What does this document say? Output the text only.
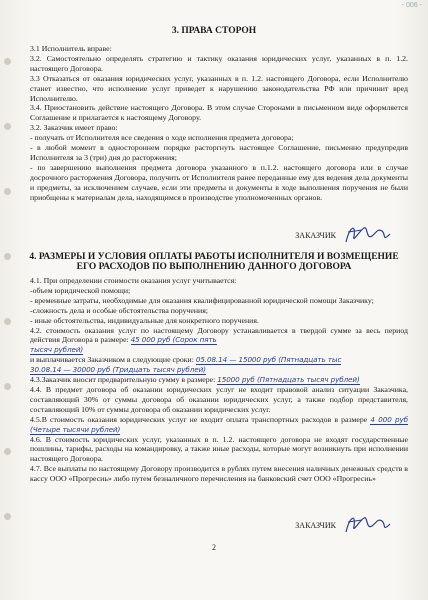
- 006 -
3. ПРАВА СТОРОН

3.1 Исполнитель вправе:

3.2. Самостоятельно определять стратегию и тактику оказания юридических услуг, указанных в п. 1.2. настоящего Договора.

3.3 Отказаться от оказания юридических услуг, указанных в п. 1.2. настоящего Договора, если Исполнителю станет известно, что исполнение услуг приведет к нарушению законодательства РФ или причинит вред Исполнителю.

3.4. Приостановить действие настоящего Договора. В этом случае Сторонами в письменном виде оформляется Соглашение и прилагается к настоящему Договору.

3.2. Заказчик имеет право:

- получать от Исполнителя все сведения о ходе исполнения предмета договора;

- в любой момент в одностороннем порядке расторгнуть настоящее Соглашение, письменно предупредив Исполнителя за 3 (три) дня до расторжения;

- по завершению выполнения предмета договора указанного в п.1.2. настоящего договора или в случае досрочного расторжения Договора, получить от Исполнителя ранее переданные ему для ведения дела документы и предметы, за исключением случаев, если эти предметы и документы в ходе выполнения поручения не были приобщены к материалам дела, находящимся в производстве уполномоченных органов.

ЗАКАЗЧИК
4. РАЗМЕРЫ И УСЛОВИЯ ОПЛАТЫ РАБОТЫ ИСПОЛНИТЕЛЯ И ВОЗМЕЩЕНИЕ
ЕГО РАСХОДОВ ПО ВЫПОЛНЕНИЮ ДАННОГО ДОГОВОРА

4.1. При определении стоимости оказания услуг учитывается:

-объем юридической помощи;

- временные затраты, необходимые для оказания квалифицированной юридической помощи Заказчику;

-сложность дела и особые обстоятельства поручения;

- иные обстоятельства, индивидуальные для конкретного поручения.

4.2. стоимость оказания услуг по настоящему Договору устанавливается в твердой сумме за весь период действия Договора в размере: 45 000 руб (Сорок пять
тысяч рублей)

и выплачивается Заказчиком в следующие сроки: 05.08.14 — 15000 руб (Пятнадцать тыс
30.08.14 — 30000 руб (Тридцать тысяч рублей)

4.3.Заказчик вносит предварительную сумму в размере: 15000 руб (Пятнадцать тысяч рублей)

4.4. В предмет договора об оказании юридических услуг не входит правовой анализ ситуации Заказчика, составляющий 30% от суммы договора об оказании юридических услуг, а также подбор представителя, составляющий 10% от суммы договора об оказании юридических услуг.

4.5.В стоимость оказания юридических услуг не входит оплата транспортных расходов в размере 4 000 руб (Четыре тысячи рублей)

4.6. В стоимость юридических услуг, указанных в п. 1.2. настоящего договора не входят государственные пошлины, тарифы, расходы на командировку, а также иные расходы, которые могут возникнуть при исполнении настоящего Договора.

4.7. Все выплаты по настоящему Договору производится в рублях путем внесения наличных денежных средств в кассу ООО «Прогресиь» либо путем безналичного перечисления на банковский счет ООО «Прогресиь»

ЗАКАЗЧИК
2
